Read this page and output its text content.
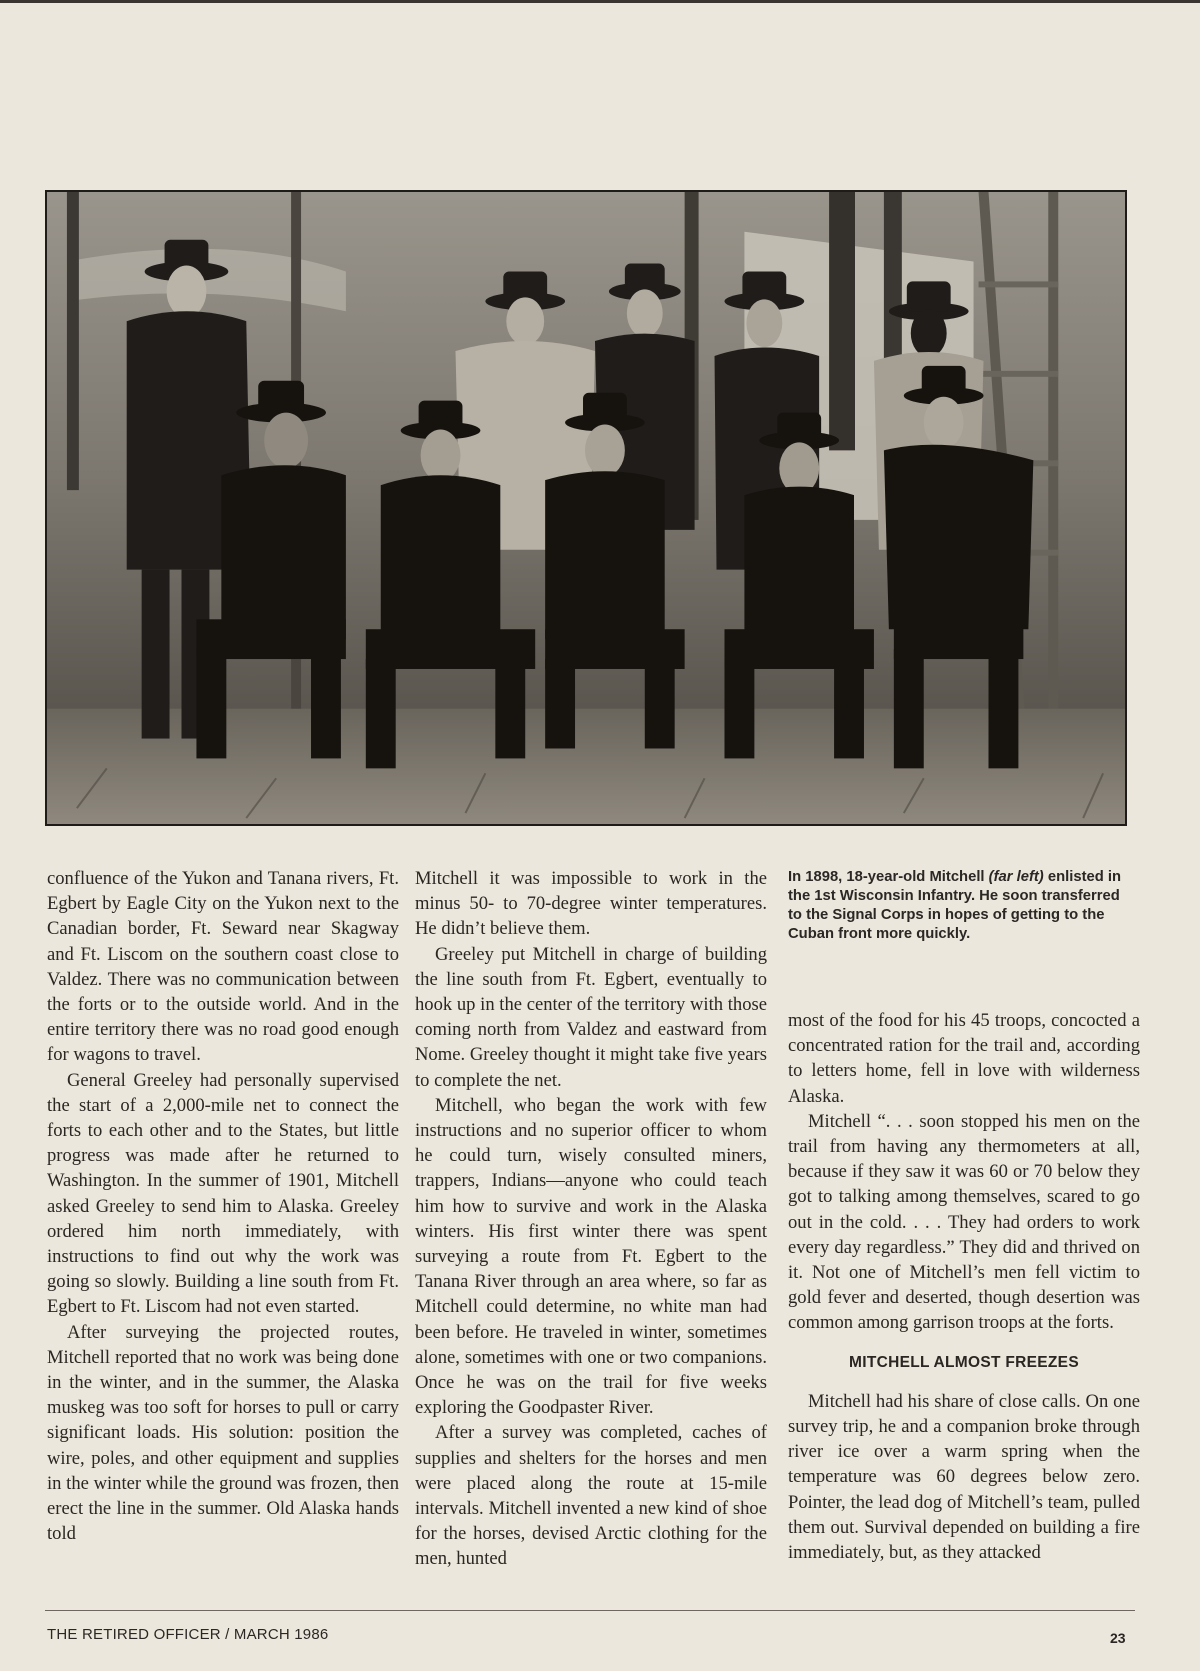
confluence of the Yukon and Tanana rivers, Ft. Egbert by Eagle City on the Yukon next to the Canadian border, Ft. Seward near Skagway and Ft. Liscom on the southern coast close to Valdez. There was no communication between the forts or to the outside world. And in the entire territory there was no road good enough for wagons to travel.

General Greeley had personally supervised the start of a 2,000-mile net to connect the forts to each other and to the States, but little progress was made after he returned to Washington. In the summer of 1901, Mitchell asked Greeley to send him to Alaska. Greeley ordered him north immediately, with instructions to find out why the work was going so slowly. Building a line south from Ft. Egbert to Ft. Liscom had not even started.

After surveying the projected routes, Mitchell reported that no work was being done in the winter, and in the summer, the Alaska muskeg was too soft for horses to pull or carry significant loads. His solution: position the wire, poles, and other equipment and supplies in the winter while the ground was frozen, then erect the line in the summer. Old Alaska hands told

Mitchell it was impossible to work in the minus 50- to 70-degree winter temperatures. He didn’t believe them.

Greeley put Mitchell in charge of building the line south from Ft. Egbert, eventually to hook up in the center of the territory with those coming north from Valdez and eastward from Nome. Greeley thought it might take five years to complete the net.

Mitchell, who began the work with few instructions and no superior officer to whom he could turn, wisely consulted miners, trappers, Indians—anyone who could teach him how to survive and work in the Alaska winters. His first winter there was spent surveying a route from Ft. Egbert to the Tanana River through an area where, so far as Mitchell could determine, no white man had been before. He traveled in winter, sometimes alone, sometimes with one or two companions. Once he was on the trail for five weeks exploring the Goodpaster River.

After a survey was completed, caches of supplies and shelters for the horses and men were placed along the route at 15-mile intervals. Mitchell invented a new kind of shoe for the horses, devised Arctic clothing for the men, hunted

In 1898, 18-year-old Mitchell (far left) enlisted in the 1st Wisconsin Infantry. He soon transferred to the Signal Corps in hopes of getting to the Cuban front more quickly.

most of the food for his 45 troops, concocted a concentrated ration for the trail and, according to letters home, fell in love with wilderness Alaska.

Mitchell “. . . soon stopped his men on the trail from having any thermometers at all, because if they saw it was 60 or 70 below they got to talking among themselves, scared to go out in the cold. . . . They had orders to work every day regardless.” They did and thrived on it. Not one of Mitchell’s men fell victim to gold fever and deserted, though desertion was common among garrison troops at the forts.

MITCHELL ALMOST FREEZES

Mitchell had his share of close calls. On one survey trip, he and a companion broke through river ice over a warm spring when the temperature was 60 degrees below zero. Pointer, the lead dog of Mitchell’s team, pulled them out. Survival depended on building a fire immediately, but, as they attacked

THE RETIRED OFFICER / MARCH 1986	23
